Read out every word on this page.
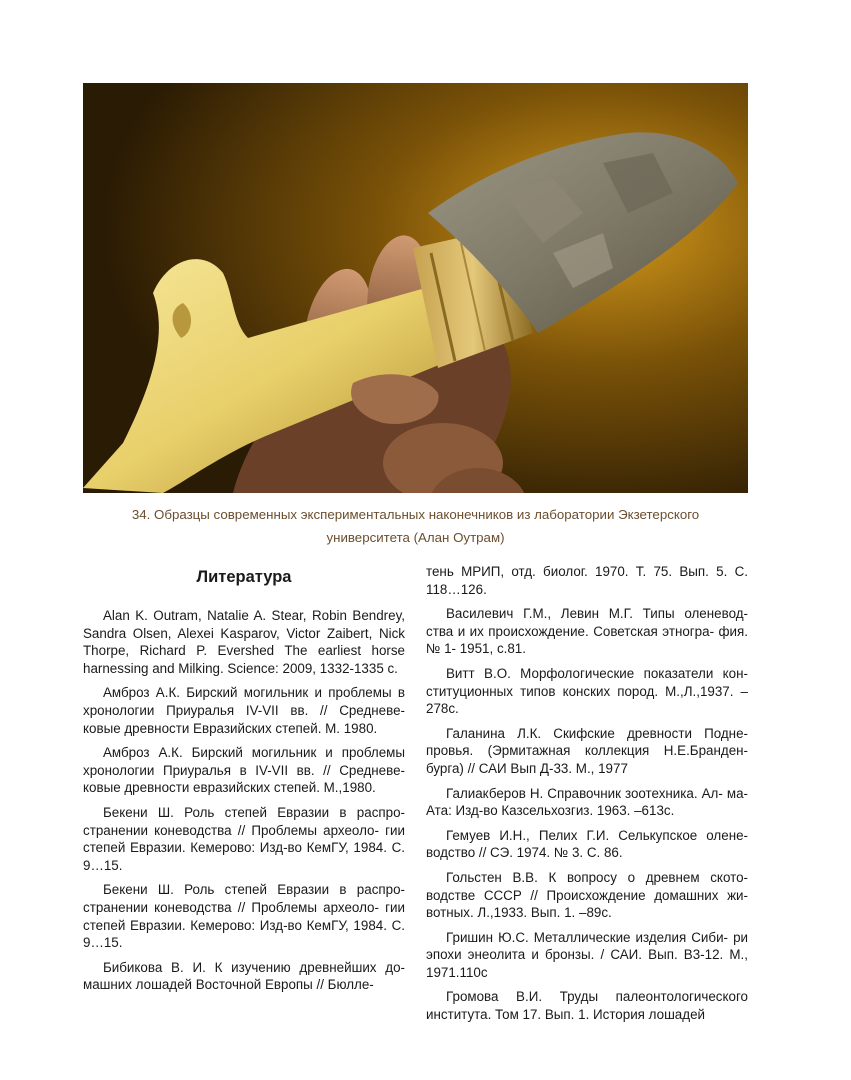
34. Образцы современных экспериментальных наконечников из лаборатории Экзетерского
университета (Алан Оутрам)
Литература

Alan K. Outram, Natalie A. Stear, Robin Bendrey, Sandra Olsen, Alexei Kasparov, Victor Zaibert, Nick Thorpe, Richard P. Evershed The earliest horse harnessing and Milking. Science: 2009, 1332-1335 с.

Амброз А.К. Бирский могильник и проблемы в хронологии Приуралья IV-VII вв. // Средневе- ковые древности Евразийских степей. М. 1980.

Амброз А.К. Бирский могильник и проблемы хронологии Приуралья в IV-VII вв. // Средневе- ковые древности евразийских степей. М.,1980.

Бекени Ш. Роль степей Евразии в распро- странении коневодства // Проблемы археоло- гии степей Евразии. Кемерово: Изд-во КемГУ, 1984. С. 9…15.

Бекени Ш. Роль степей Евразии в распро- странении коневодства // Проблемы археоло- гии степей Евразии. Кемерово: Изд-во КемГУ, 1984. С. 9…15.

Бибикова В. И. К изучению древнейших до- машних лошадей Восточной Европы // Бюлле-

тень МРИП, отд. биолог. 1970. Т. 75. Вып. 5. С. 118…126.

Василевич Г.М., Левин М.Г. Типы оленевод- ства и их происхождение. Советская этногра- фия. № 1- 1951, с.81.

Витт В.О. Морфологические показатели кон- ституционных типов конских пород. М.,Л.,1937. –278с.

Галанина Л.К. Скифские древности Подне- провья. (Эрмитажная коллекция Н.Е.Бранден- бурга) // САИ Вып Д-33. М., 1977

Галиакберов Н. Справочник зоотехника. Ал- ма-Ата: Изд-во Казсельхозгиз. 1963. –613с.

Гемуев И.Н., Пелих Г.И. Селькупское олене- водство // СЭ. 1974. № 3. С. 86.

Гольстен В.В. К вопросу о древнем ското- водстве СССР // Происхождение домашних жи- вотных. Л.,1933. Вып. 1. –89с.

Гришин Ю.С. Металлические изделия Сиби- ри эпохи энеолита и бронзы. / САИ. Вып. В3-12. М., 1971.110с

Громова В.И. Труды палеонтологического института. Том 17. Вып. 1. История лошадей
